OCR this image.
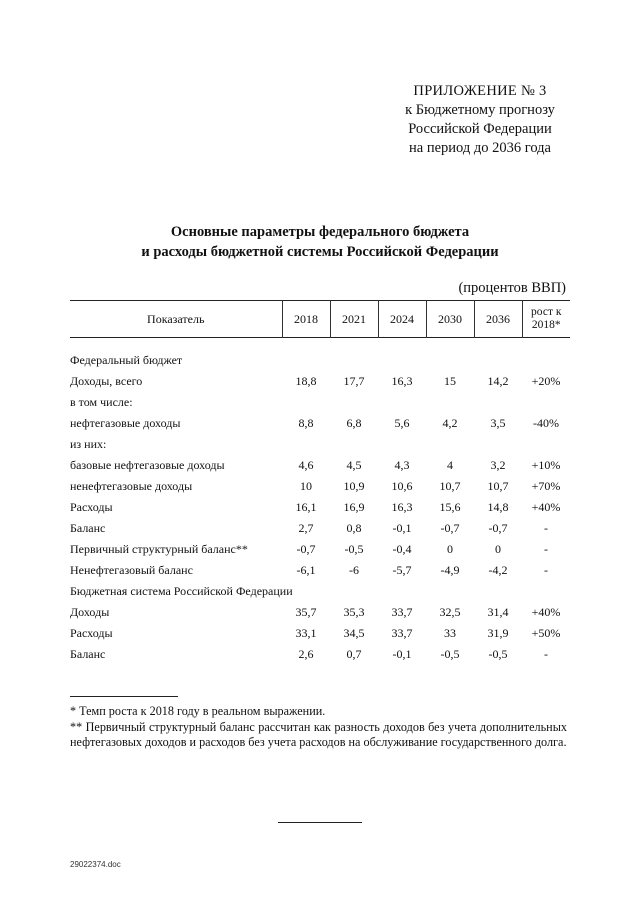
ПРИЛОЖЕНИЕ № 3
к Бюджетному прогнозу
Российской Федерации
на период до 2036 года
Основные параметры федерального бюджета
и расходы бюджетной системы Российской Федерации
(процентов ВВП)
Показатель	2018	2021	2024	2030	2036	рост к 2018*

Федеральный бюджет						
Доходы, всего	18,8	17,7	16,3	15	14,2	+20%
в том числе:						
нефтегазовые доходы	8,8	6,8	5,6	4,2	3,5	-40%
из них:						
базовые нефтегазовые доходы	4,6	4,5	4,3	4	3,2	+10%
ненефтегазовые доходы	10	10,9	10,6	10,7	10,7	+70%
Расходы	16,1	16,9	16,3	15,6	14,8	+40%
Баланс	2,7	0,8	-0,1	-0,7	-0,7	-
Первичный структурный баланс**	-0,7	-0,5	-0,4	0	0	-
Ненефтегазовый баланс	-6,1	-6	-5,7	-4,9	-4,2	-
Бюджетная система Российской Федерации						
Доходы	35,7	35,3	33,7	32,5	31,4	+40%
Расходы	33,1	34,5	33,7	33	31,9	+50%
Баланс	2,6	0,7	-0,1	-0,5	-0,5	-

* Темп роста к 2018 году в реальном выражении.

** Первичный структурный баланс рассчитан как разность доходов без учета дополнительных нефтегазовых доходов и расходов без учета расходов на обслуживание государственного долга.

29022374.doc
